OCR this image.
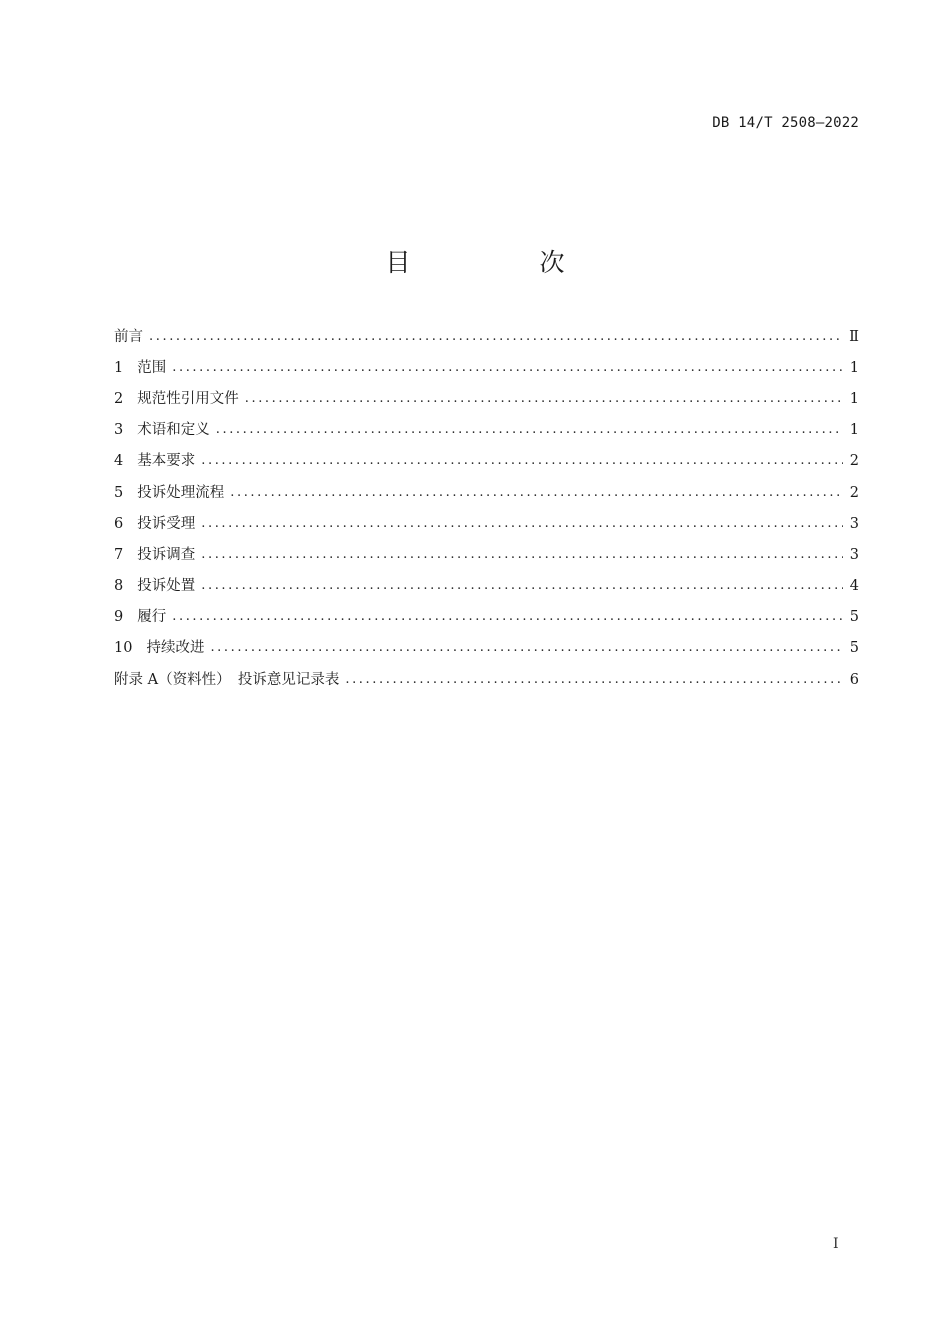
DB 14/T 2508—2022
目　次
前言 .....	Ⅱ
1 范围 .....	1
2 规范性引用文件 .....	1
3 术语和定义 .....	1
4 基本要求 .....	2
5 投诉处理流程 .....	2
6 投诉受理 .....	3
7 投诉调查 .....	3
8 投诉处置 .....	4
9 履行 .....	5
10 持续改进 .....	5
附录 A（资料性）　投诉意见记录表 .....	6
I
